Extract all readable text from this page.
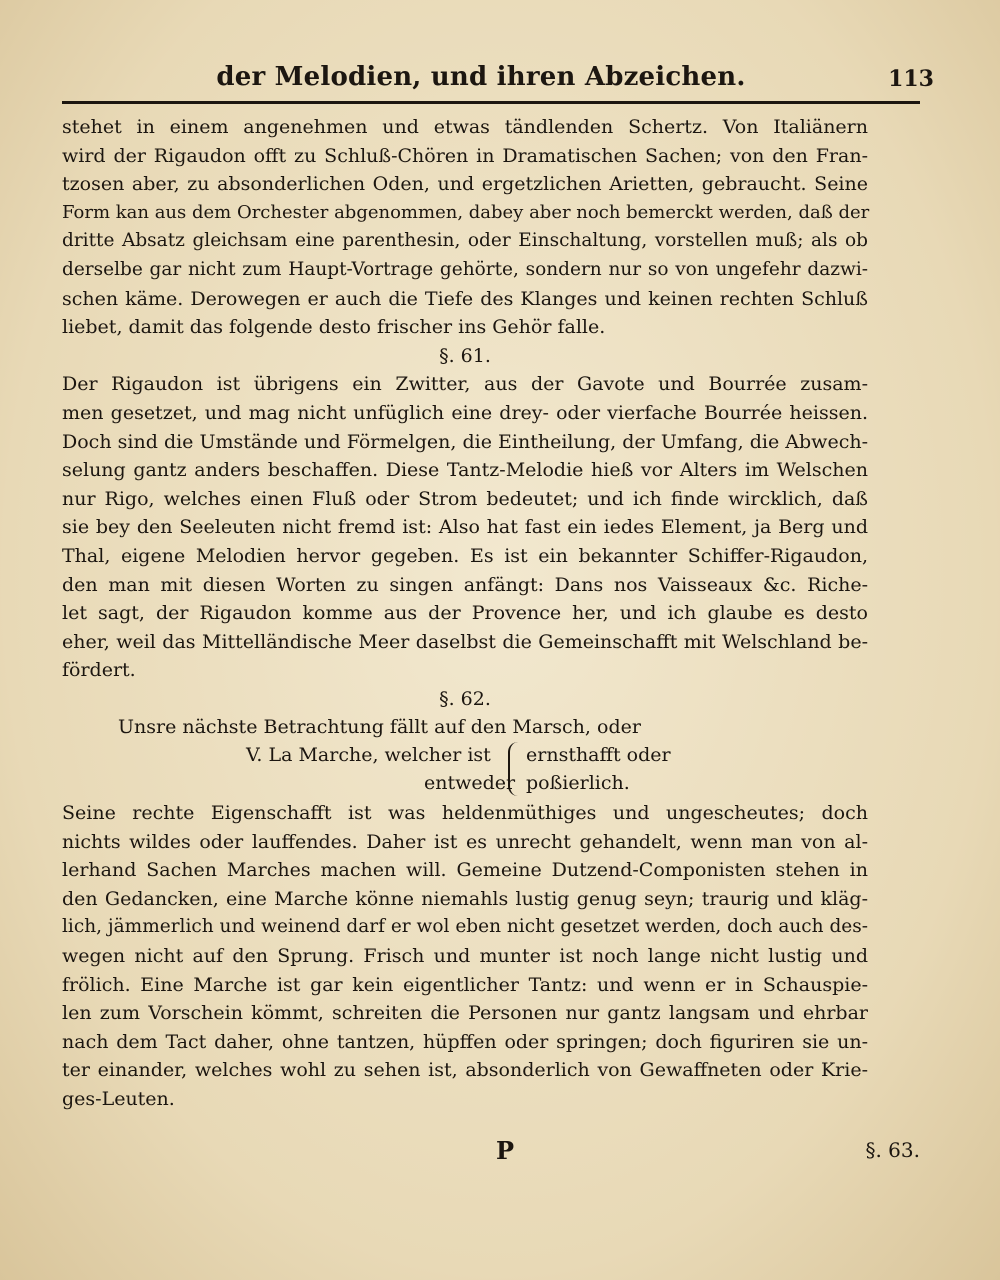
der Melodien, und ihren Abzeichen.	113
stehet in einem angenehmen und etwas tändlenden Schertz. Von Italiänern
wird der Rigaudon offt zu Schluß-Chören in Dramatischen Sachen; von den Fran-
tzosen aber, zu absonderlichen Oden, und ergetzlichen Arietten, gebraucht. Seine
Form kan aus dem Orchester abgenommen, dabey aber noch bemerckt werden, daß der
dritte Absatz gleichsam eine parenthesin, oder Einschaltung, vorstellen muß; als ob
derselbe gar nicht zum Haupt-Vortrage gehörte, sondern nur so von ungefehr dazwi-
schen käme. Derowegen er auch die Tiefe des Klanges und keinen rechten Schluß
liebet, damit das folgende desto frischer ins Gehör falle.
§. 61.
Der Rigaudon ist übrigens ein Zwitter, aus der Gavote und Bourrée zusam-
men gesetzet, und mag nicht unfüglich eine drey- oder vierfache Bourrée heissen.
Doch sind die Umstände und Förmelgen, die Eintheilung, der Umfang, die Abwech-
selung gantz anders beschaffen. Diese Tantz-Melodie hieß vor Alters im Welschen
nur Rigo, welches einen Fluß oder Strom bedeutet; und ich finde wircklich, daß
sie bey den Seeleuten nicht fremd ist: Also hat fast ein iedes Element, ja Berg und
Thal, eigene Melodien hervor gegeben. Es ist ein bekannter Schiffer-Rigaudon,
den man mit diesen Worten zu singen anfängt: Dans nos Vaisseaux &c. Riche-
let sagt, der Rigaudon komme aus der Provence her, und ich glaube es desto
eher, weil das Mittelländische Meer daselbst die Gemeinschafft mit Welschland be-
fördert.
§. 62.
Unsre nächste Betrachtung fällt auf den Marsch, oder
V. La Marche, welcher ist
entweder
ernsthafft oder
poßierlich.
Seine rechte Eigenschafft ist was heldenmüthiges und ungescheutes; doch
nichts wildes oder lauffendes. Daher ist es unrecht gehandelt, wenn man von al-
lerhand Sachen Marches machen will. Gemeine Dutzend-Componisten stehen in
den Gedancken, eine Marche könne niemahls lustig genug seyn; traurig und kläg-
lich, jämmerlich und weinend darf er wol eben nicht gesetzet werden, doch auch des-
wegen nicht auf den Sprung. Frisch und munter ist noch lange nicht lustig und
frölich. Eine Marche ist gar kein eigentlicher Tantz: und wenn er in Schauspie-
len zum Vorschein kömmt, schreiten die Personen nur gantz langsam und ehrbar
nach dem Tact daher, ohne tantzen, hüpffen oder springen; doch figuriren sie un-
ter einander, welches wohl zu sehen ist, absonderlich von Gewaffneten oder Krie-
ges-Leuten.
P	§. 63.
